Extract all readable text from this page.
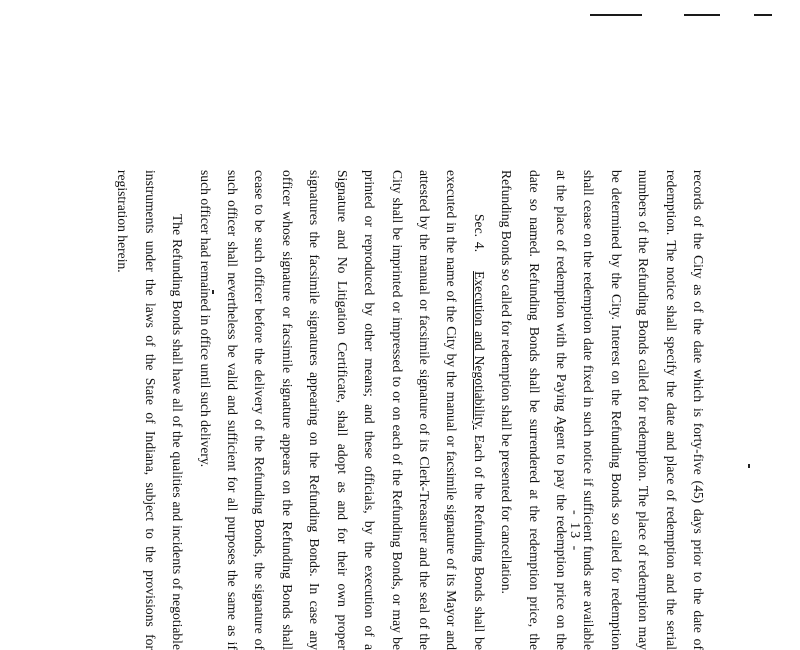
records of the City as of the date which is forty-five (45) days prior to the date of redemption. The notice shall specify the date and place of redemption and the serial numbers of the Refunding Bonds called for redemption. The place of redemption may be determined by the City. Interest on the Refunding Bonds so called for redemption shall cease on the redemption date fixed in such notice if sufficient funds are available at the place of redemption with the Paying Agent to pay the redemption price on the date so named. Refunding Bonds shall be surrendered at the redemption price, the Refunding Bonds so called for redemption shall be presented for cancellation.

Sec. 4. Execution and Negotiability. Each of the Refunding Bonds shall be executed in the name of the City by the manual or facsimile signature of its Mayor and attested by the manual or facsimile signature of its Clerk-Treasurer and the seal of the City shall be imprinted or impressed to or on each of the Refunding Bonds, or may be printed or reproduced by other means; and these officials, by the execution of a Signature and No Litigation Certificate, shall adopt as and for their own proper signatures the facsimile signatures appearing on the Refunding Bonds. In case any officer whose signature or facsimile signature appears on the Refunding Bonds shall cease to be such officer before the delivery of the Refunding Bonds, the signature of such officer shall nevertheless be valid and sufficient for all purposes the same as if such officer had remained in office until such delivery.

The Refunding Bonds shall have all of the qualities and incidents of negotiable instruments under the laws of the State of Indiana, subject to the provisions for registration herein.

- 13 -
